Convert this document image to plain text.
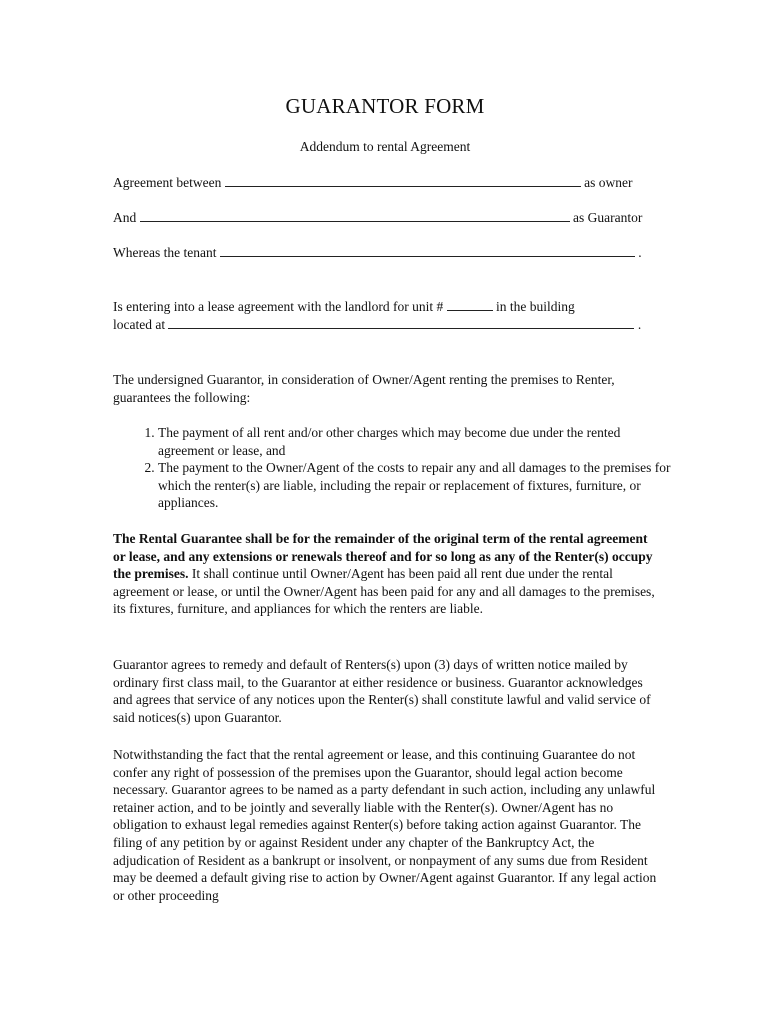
GUARANTOR FORM
Addendum to rental Agreement
Agreement between	as owner
And	as Guarantor
Whereas the tenant	.
Is entering into a lease agreement with the landlord for unit #	in the building
located at	.
The undersigned Guarantor, in consideration of Owner/Agent renting the premises to Renter, guarantees the following:
1. The payment of all rent and/or other charges which may become due under the rented agreement or lease, and
2. The payment to the Owner/Agent of the costs to repair any and all damages to the premises for which the renter(s) are liable, including the repair or replacement of fixtures, furniture, or appliances.
The Rental Guarantee shall be for the remainder of the original term of the rental agreement or lease, and any extensions or renewals thereof and for so long as any of the Renter(s) occupy the premises. It shall continue until Owner/Agent has been paid all rent due under the rental agreement or lease, or until the Owner/Agent has been paid for any and all damages to the premises, its fixtures, furniture, and appliances for which the renters are liable.
Guarantor agrees to remedy and default of Renters(s) upon (3) days of written notice mailed by ordinary first class mail, to the Guarantor at either residence or business. Guarantor acknowledges and agrees that service of any notices upon the Renter(s) shall constitute lawful and valid service of said notices(s) upon Guarantor.
Notwithstanding the fact that the rental agreement or lease, and this continuing Guarantee do not confer any right of possession of the premises upon the Guarantor, should legal action become necessary. Guarantor agrees to be named as a party defendant in such action, including any unlawful retainer action, and to be jointly and severally liable with the Renter(s). Owner/Agent has no obligation to exhaust legal remedies against Renter(s) before taking action against Guarantor. The filing of any petition by or against Resident under any chapter of the Bankruptcy Act, the adjudication of Resident as a bankrupt or insolvent, or nonpayment of any sums due from Resident may be deemed a default giving rise to action by Owner/Agent against Guarantor. If any legal action or other proceeding
